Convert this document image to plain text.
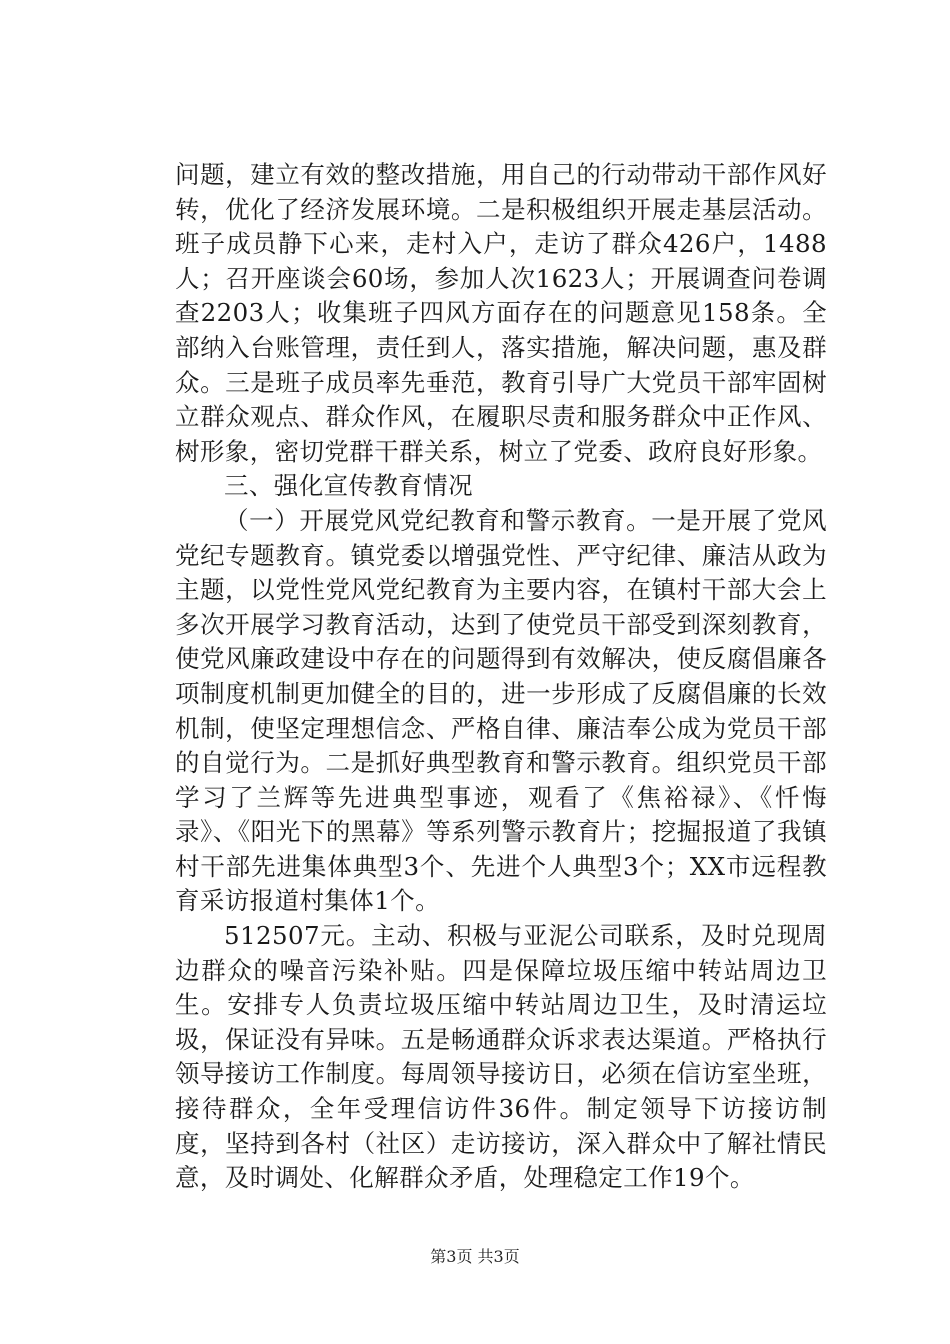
问题，建立有效的整改措施，用自己的行动带动干部作风好转，优化了经济发展环境。二是积极组织开展走基层活动。班子成员静下心来，走村入户，走访了群众426户，1488人；召开座谈会60场，参加人次1623人；开展调查问卷调查2203人；收集班子四风方面存在的问题意见158条。全部纳入台账管理，责任到人，落实措施，解决问题，惠及群众。三是班子成员率先垂范，教育引导广大党员干部牢固树立群众观点、群众作风，在履职尽责和服务群众中正作风、树形象，密切党群干群关系，树立了党委、政府良好形象。

三、强化宣传教育情况

（一）开展党风党纪教育和警示教育。一是开展了党风党纪专题教育。镇党委以增强党性、严守纪律、廉洁从政为主题，以党性党风党纪教育为主要内容，在镇村干部大会上多次开展学习教育活动，达到了使党员干部受到深刻教育，使党风廉政建设中存在的问题得到有效解决，使反腐倡廉各项制度机制更加健全的目的，进一步形成了反腐倡廉的长效机制，使坚定理想信念、严格自律、廉洁奉公成为党员干部的自觉行为。二是抓好典型教育和警示教育。组织党员干部学习了兰辉等先进典型事迹，观看了《焦裕禄》、《忏悔录》、《阳光下的黑幕》等系列警示教育片；挖掘报道了我镇村干部先进集体典型3个、先进个人典型3个；XX市远程教育采访报道村集体1个。

512507元。主动、积极与亚泥公司联系，及时兑现周边群众的噪音污染补贴。四是保障垃圾压缩中转站周边卫生。安排专人负责垃圾压缩中转站周边卫生，及时清运垃圾，保证没有异味。五是畅通群众诉求表达渠道。严格执行领导接访工作制度。每周领导接访日，必须在信访室坐班，接待群众，全年受理信访件36件。制定领导下访接访制度，坚持到各村（社区）走访接访，深入群众中了解社情民意，及时调处、化解群众矛盾，处理稳定工作19个。

第3页 共3页
